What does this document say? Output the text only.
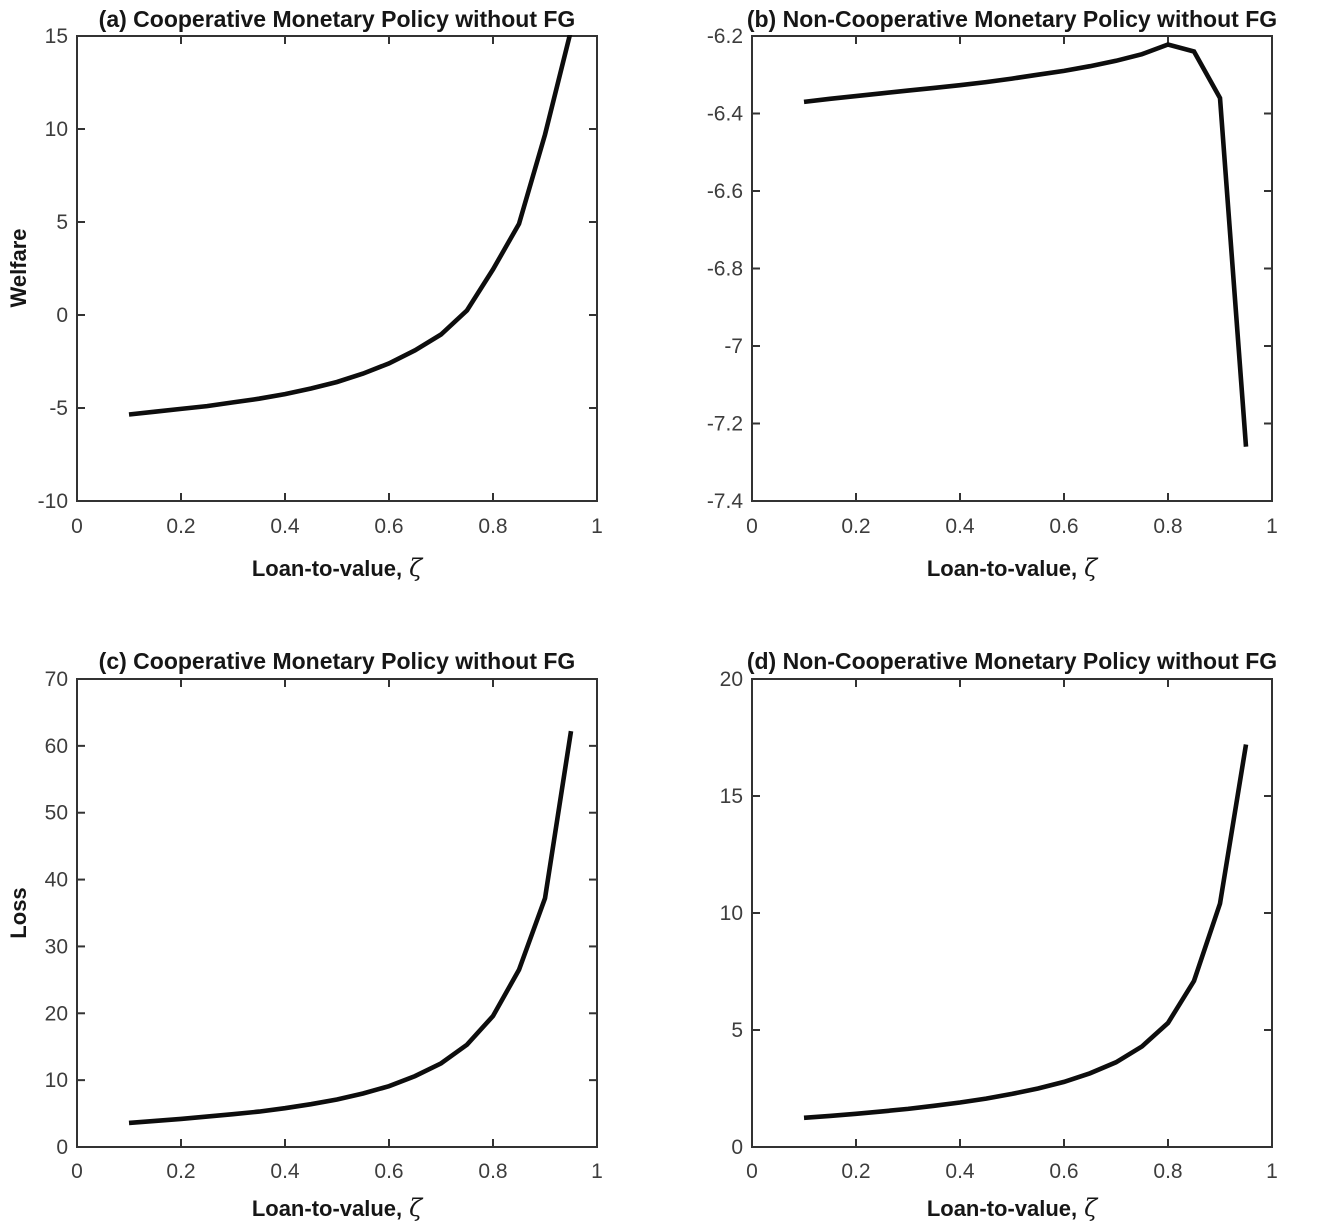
(a) Cooperative Monetary Policy without FG
Welfare
Loan-to-value, ζ
0	0.2	0.4	0.6	0.8	1
-10
-5
0
5
10
15
(b) Non-Cooperative Monetary Policy without FG
Loan-to-value, ζ
0	0.2	0.4	0.6	0.8	1
-7.4
-7.2
-7
-6.8
-6.6
-6.4
-6.2
(c) Cooperative Monetary Policy without FG
Loss
Loan-to-value, ζ
0	0.2	0.4	0.6	0.8	1
0
10
20
30
40
50
60
70
(d) Non-Cooperative Monetary Policy without FG
Loan-to-value, ζ
0	0.2	0.4	0.6	0.8	1
0
5
10
15
20
